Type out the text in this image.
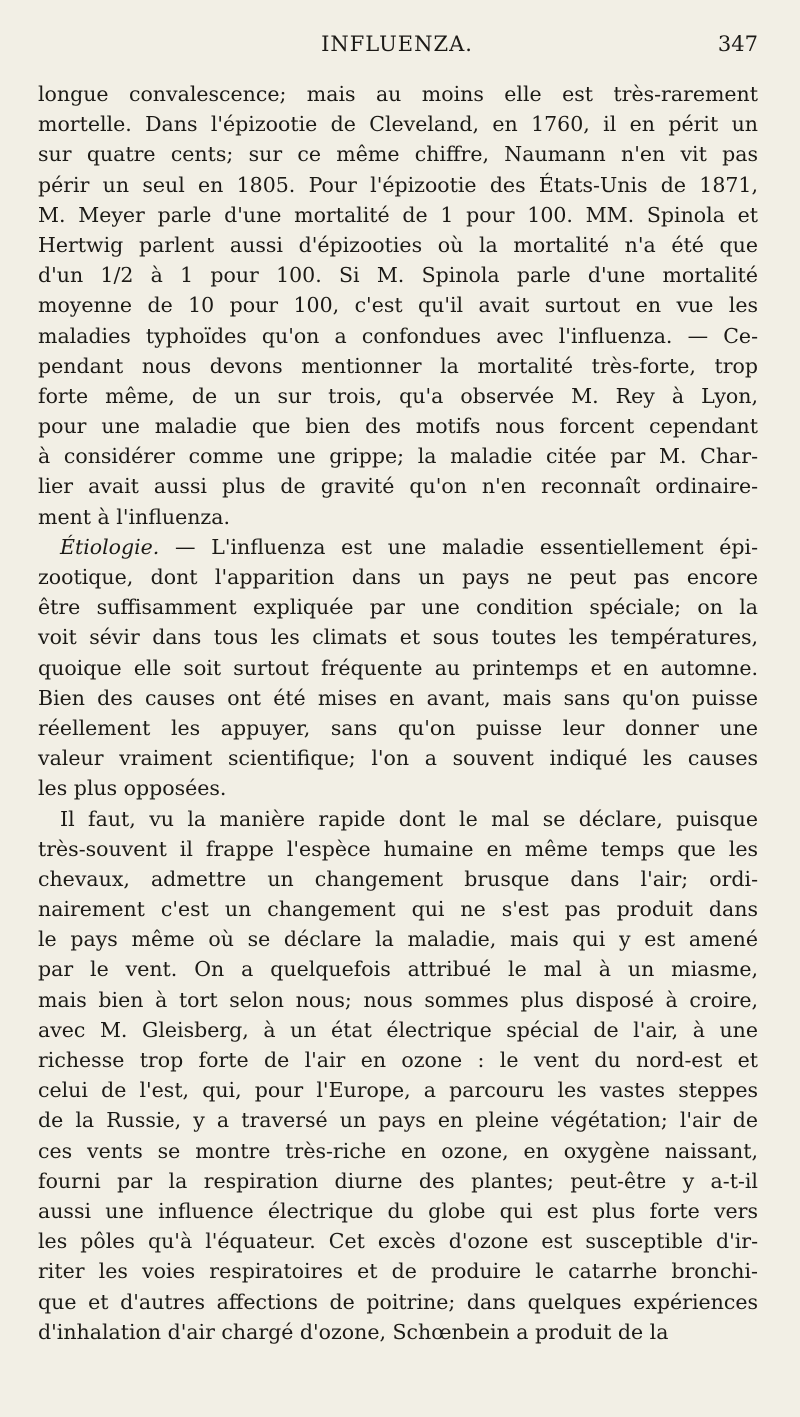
INFLUENZA.	347
longue convalescence; mais au moins elle est très-rarement
mortelle. Dans l'épizootie de Cleveland, en 1760, il en périt un
sur quatre cents; sur ce même chiffre, Naumann n'en vit pas
périr un seul en 1805. Pour l'épizootie des États-Unis de 1871,
M. Meyer parle d'une mortalité de 1 pour 100. MM. Spinola et
Hertwig parlent aussi d'épizooties où la mortalité n'a été que
d'un 1/2 à 1 pour 100. Si M. Spinola parle d'une mortalité
moyenne de 10 pour 100, c'est qu'il avait surtout en vue les
maladies typhoïdes qu'on a confondues avec l'influenza. — Ce-
pendant nous devons mentionner la mortalité très-forte, trop
forte même, de un sur trois, qu'a observée M. Rey à Lyon,
pour une maladie que bien des motifs nous forcent cependant
à considérer comme une grippe; la maladie citée par M. Char-
lier avait aussi plus de gravité qu'on n'en reconnaît ordinaire-
ment à l'influenza.
Étiologie. — L'influenza est une maladie essentiellement épi-
zootique, dont l'apparition dans un pays ne peut pas encore
être suffisamment expliquée par une condition spéciale; on la
voit sévir dans tous les climats et sous toutes les températures,
quoique elle soit surtout fréquente au printemps et en automne.
Bien des causes ont été mises en avant, mais sans qu'on puisse
réellement les appuyer, sans qu'on puisse leur donner une
valeur vraiment scientifique; l'on a souvent indiqué les causes
les plus opposées.
Il faut, vu la manière rapide dont le mal se déclare, puisque
très-souvent il frappe l'espèce humaine en même temps que les
chevaux, admettre un changement brusque dans l'air; ordi-
nairement c'est un changement qui ne s'est pas produit dans
le pays même où se déclare la maladie, mais qui y est amené
par le vent. On a quelquefois attribué le mal à un miasme,
mais bien à tort selon nous; nous sommes plus disposé à croire,
avec M. Gleisberg, à un état électrique spécial de l'air, à une
richesse trop forte de l'air en ozone : le vent du nord-est et
celui de l'est, qui, pour l'Europe, a parcouru les vastes steppes
de la Russie, y a traversé un pays en pleine végétation; l'air de
ces vents se montre très-riche en ozone, en oxygène naissant,
fourni par la respiration diurne des plantes; peut-être y a-t-il
aussi une influence électrique du globe qui est plus forte vers
les pôles qu'à l'équateur. Cet excès d'ozone est susceptible d'ir-
riter les voies respiratoires et de produire le catarrhe bronchi-
que et d'autres affections de poitrine; dans quelques expériences
d'inhalation d'air chargé d'ozone, Schœnbein a produit de la
